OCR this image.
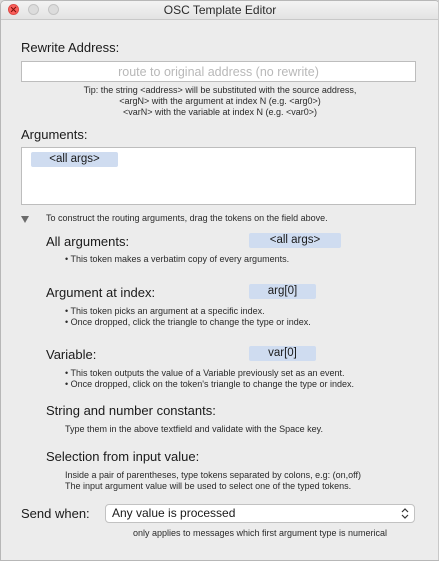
OSC Template Editor
Rewrite Address:
route to original address (no rewrite)
Tip: the string <address> will be substituted with the source address,
<argN> with the argument at index N (e.g. <arg0>)
<varN> with the variable at index N (e.g. <var0>)
Arguments:
<all args>
To construct the routing arguments, drag the tokens on the field above.
All arguments:	<all args>
• This token makes a verbatim copy of every arguments.
Argument at index:	arg[0]
• This token picks an argument at a specific index.
• Once dropped, click the triangle to change the type or index.
Variable:	var[0]
• This token outputs the value of a Variable previously set as an event.
• Once dropped, click on the token's triangle to change the type or index.
String and number constants:
Type them in the above textfield and validate with the Space key.
Selection from input value:
Inside a pair of parentheses, type tokens separated by colons, e.g: (on,off)
The input argument value will be used to select one of the typed tokens.
Send when:	Any value is processed
only applies to messages which first argument type is numerical
